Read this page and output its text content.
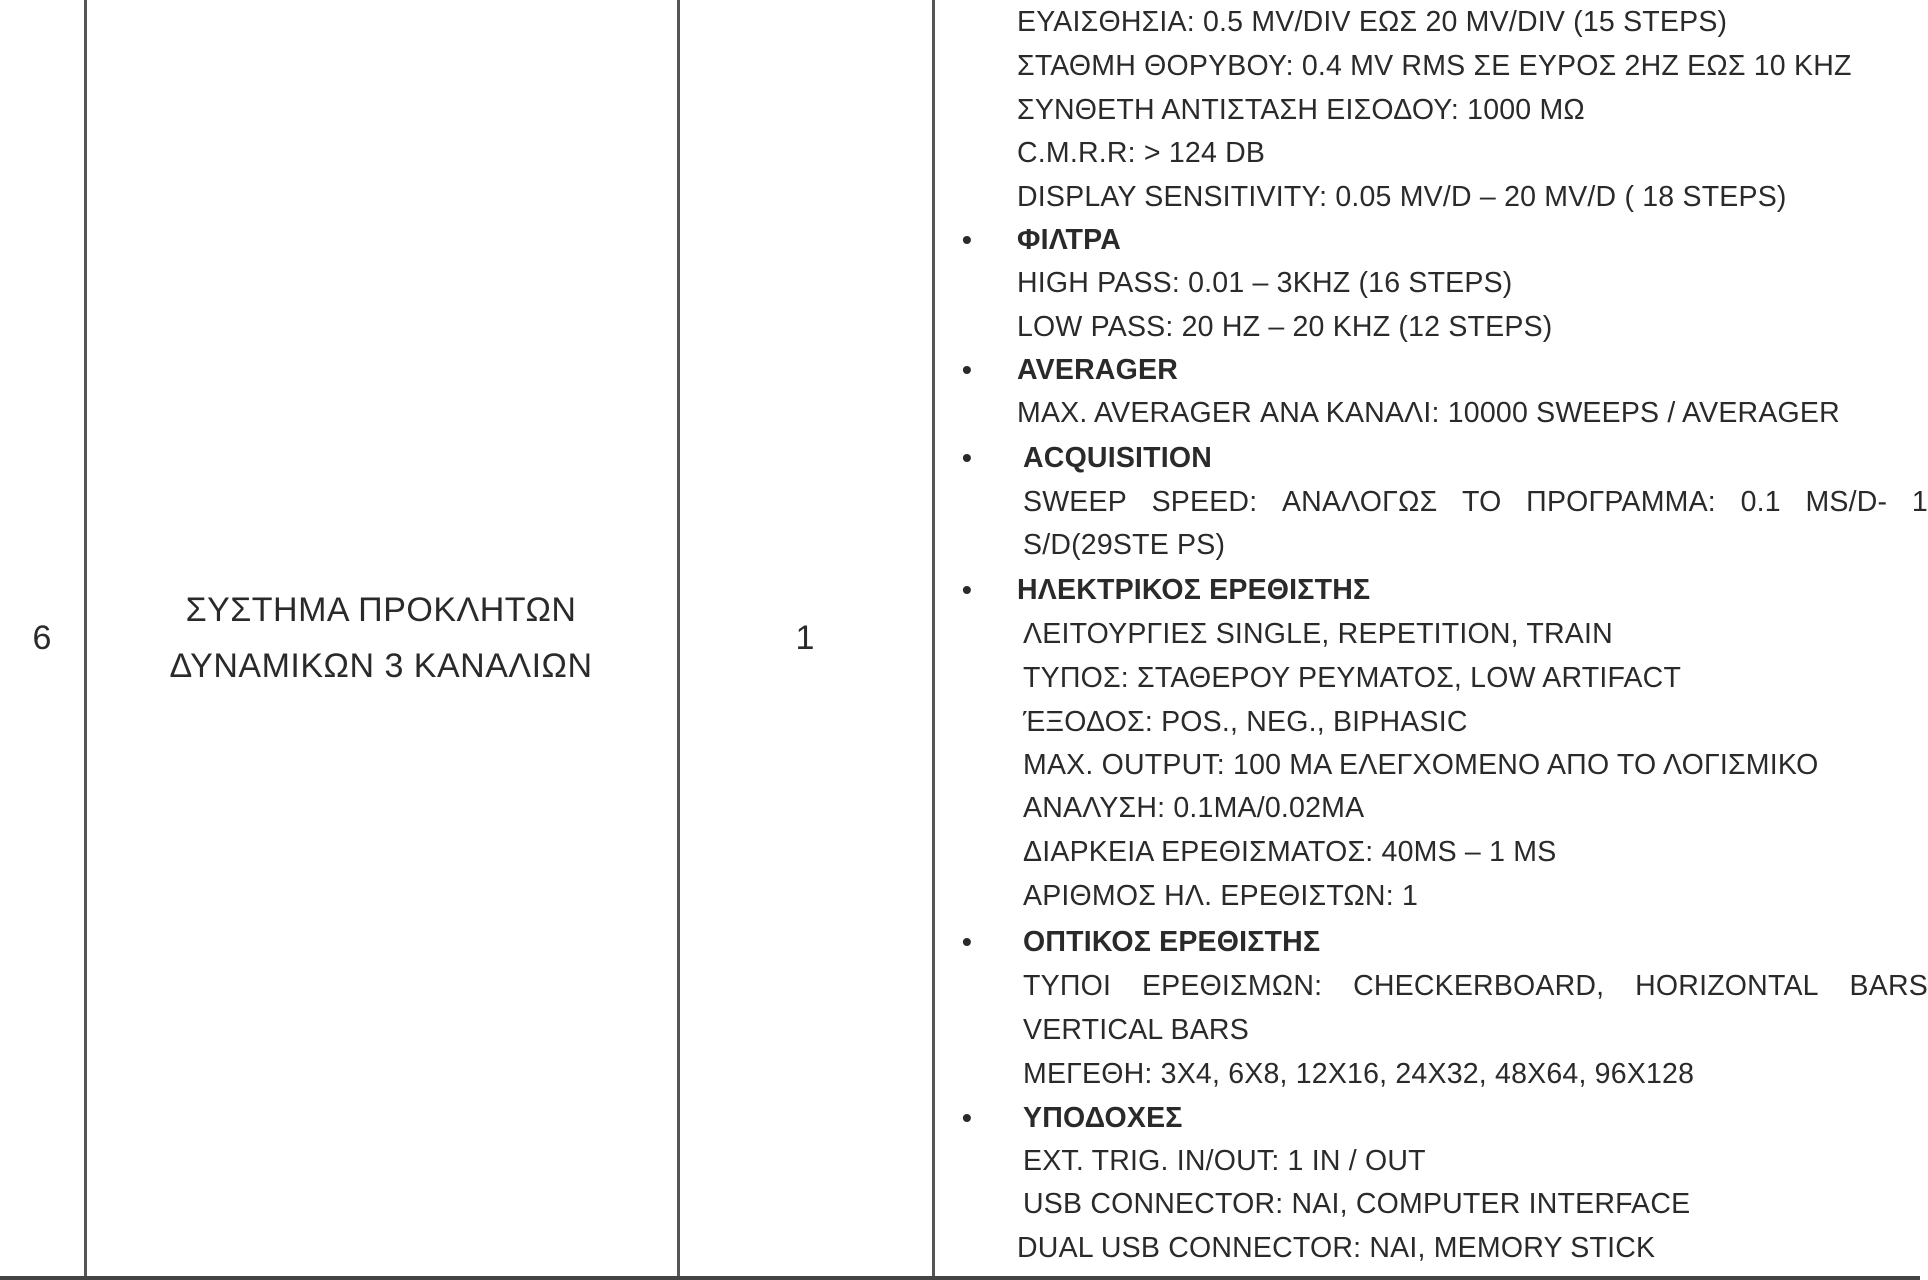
6
ΣΥΣΤΗΜΑ ΠΡΟΚΛΗΤΩΝ
ΔΥΝΑΜΙΚΩΝ 3 ΚΑΝΑΛΙΩΝ
1
ΕΥΑΙΣΘΗΣΙΑ: 0.5 MV/DIV ΕΩΣ 20 MV/DIV (15 STEPS)
ΣΤΑΘΜΗ ΘΟΡΥΒΟΥ: 0.4 MV RMS ΣΕ ΕΥΡΟΣ 2HZ ΕΩΣ 10 KHZ
ΣΥΝΘΕΤΗ ΑΝΤΙΣΤΑΣΗ ΕΙΣΟΔΟΥ: 1000 ΜΩ
C.M.R.R: > 124 DB
DISPLAY SENSITIVITY: 0.05 MV/D – 20 MV/D ( 18 STEPS)
• ΦΙΛΤΡΑ
HIGH PASS: 0.01 – 3KHZ (16 STEPS)
LOW PASS: 20 HZ – 20 KHZ (12 STEPS)
• AVERAGER
MAX. AVERAGER ΑΝΑ ΚΑΝΑΛΙ: 10000 SWEEPS / AVERAGER
• ACQUISITION
SWEEP SPEED: ΑΝΑΛΟΓΩΣ ΤΟ ΠΡΟΓΡΑΜΜΑ: 0.1 MS/D- 1
S/D(29STE PS)
• ΗΛΕΚΤΡΙΚΟΣ ΕΡΕΘΙΣΤΗΣ
ΛΕΙΤΟΥΡΓΙΕΣ SINGLE, REPETITION, TRAIN
ΤΥΠΟΣ: ΣΤΑΘΕΡΟΥ ΡΕΥΜΑΤΟΣ, LOW ARTIFACT
ΈΞΟΔΟΣ: POS., NEG., BIPHASIC
MAX. OUTPUT: 100 MA ΕΛΕΓΧΟΜΕΝΟ ΑΠΟ ΤΟ ΛΟΓΙΣΜΙΚΟ
ΑΝΑΛΥΣΗ: 0.1MA/0.02MA
ΔΙΑΡΚΕΙΑ ΕΡΕΘΙΣΜΑΤΟΣ: 40MS – 1 MS
ΑΡΙΘΜΟΣ ΗΛ. ΕΡΕΘΙΣΤΩΝ: 1
• ΟΠΤΙΚΟΣ ΕΡΕΘΙΣΤΗΣ
ΤΥΠΟΙ ΕΡΕΘΙΣΜΩΝ: CHECKERBOARD, HORIZONTAL BARS
VERTICAL BARS
ΜΕΓΕΘΗ: 3X4, 6X8, 12X16, 24X32, 48X64, 96X128
• ΥΠΟΔΟΧΕΣ
EXT. TRIG. IN/OUT: 1 IN / OUT
USB CONNECTOR: ΝΑΙ, COMPUTER INTERFACE
DUAL USB CONNECTOR: ΝΑΙ, MEMORY STICK
